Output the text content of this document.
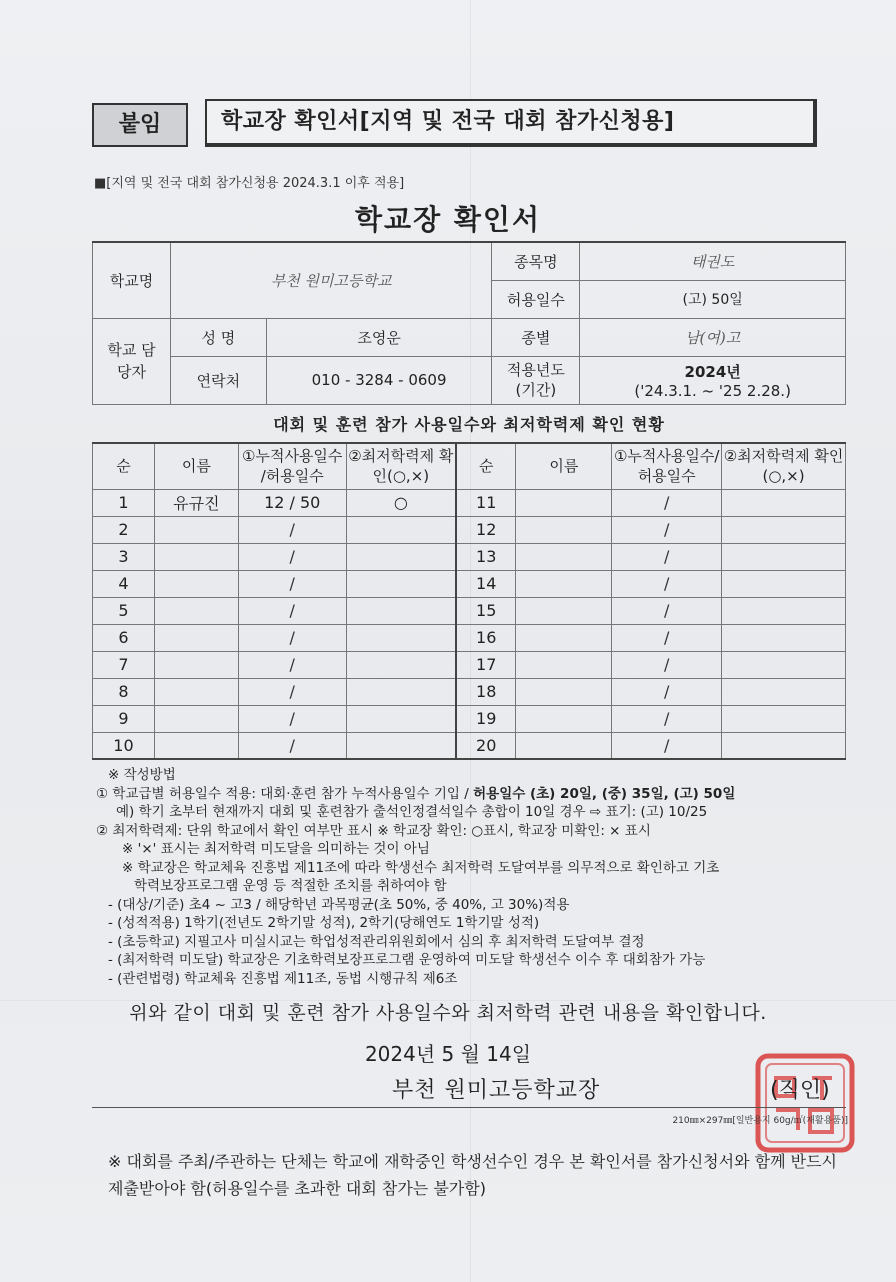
붙임	학교장 확인서[지역 및 전국 대회 참가신청용]
■[지역 및 전국 대회 참가신청용 2024.3.1 이후 적용]
학교장 확인서
학교명	부천 원미고등학교		종목명	태권도
			허용일수	(고) 50일
학교 담당자	성 명	조영운	종별	남(여)고
	연락처	010 - 3284 - 0609	적용년도 (기간)	2024년
('24.3.1. ~ '25 2.28.)
대회 및 훈련 참가 사용일수와 최저학력제 확인 현황
순	이름	①누적사용일수 /허용일수	②최저학력제 확인(○,×)	순	이름	①누적사용일수/ 허용일수	②최저학력제 확인(○,×)
1	유규진	12 / 50	○	11		/	
2		/		12		/	
3		/		13		/	
4		/		14		/	
5		/		15		/	
6		/		16		/	
7		/		17		/	
8		/		18		/	
9		/		19		/	
10		/		20		/	
※ 작성방법
① 학교급별 허용일수 적용: 대회·훈련 참가 누적사용일수 기입 / 허용일수 (초) 20일, (중) 35일, (고) 50일
예) 학기 초부터 현재까지 대회 및 훈련참가 출석인정결석일수 총합이 10일 경우 ⇨ 표기: (고) 10/25
② 최저학력제: 단위 학교에서 확인 여부만 표시 ※ 학교장 확인: ○표시, 학교장 미확인: × 표시
※ '×' 표시는 최저학력 미도달을 의미하는 것이 아님
※ 학교장은 학교체육 진흥법 제11조에 따라 학생선수 최저학력 도달여부를 의무적으로 확인하고 기초
학력보장프로그램 운영 등 적절한 조치를 취하여야 함
- (대상/기준) 초4 ~ 고3 / 해당학년 과목평균(초 50%, 중 40%, 고 30%)적용
- (성적적용) 1학기(전년도 2학기말 성적), 2학기(당해연도 1학기말 성적)
- (초등학교) 지필고사 미실시교는 학업성적관리위원회에서 심의 후 최저학력 도달여부 결정
- (최저학력 미도달) 학교장은 기초학력보장프로그램 운영하여 미도달 학생선수 이수 후 대회참가 가능
- (관련법령) 학교체육 진흥법 제11조, 동법 시행규칙 제6조
위와 같이 대회 및 훈련 참가 사용일수와 최저학력 관련 내용을 확인합니다.
2024년 5 월 14일
부천 원미고등학교장	(직인)
210㎜×297㎜[일반용지 60g/㎡(재활용품)]
※ 대회를 주최/주관하는 단체는 학교에 재학중인 학생선수인 경우 본 확인서를 참가신청서와 함께 반드시 제출받아야 함(허용일수를 초과한 대회 참가는 불가함)
